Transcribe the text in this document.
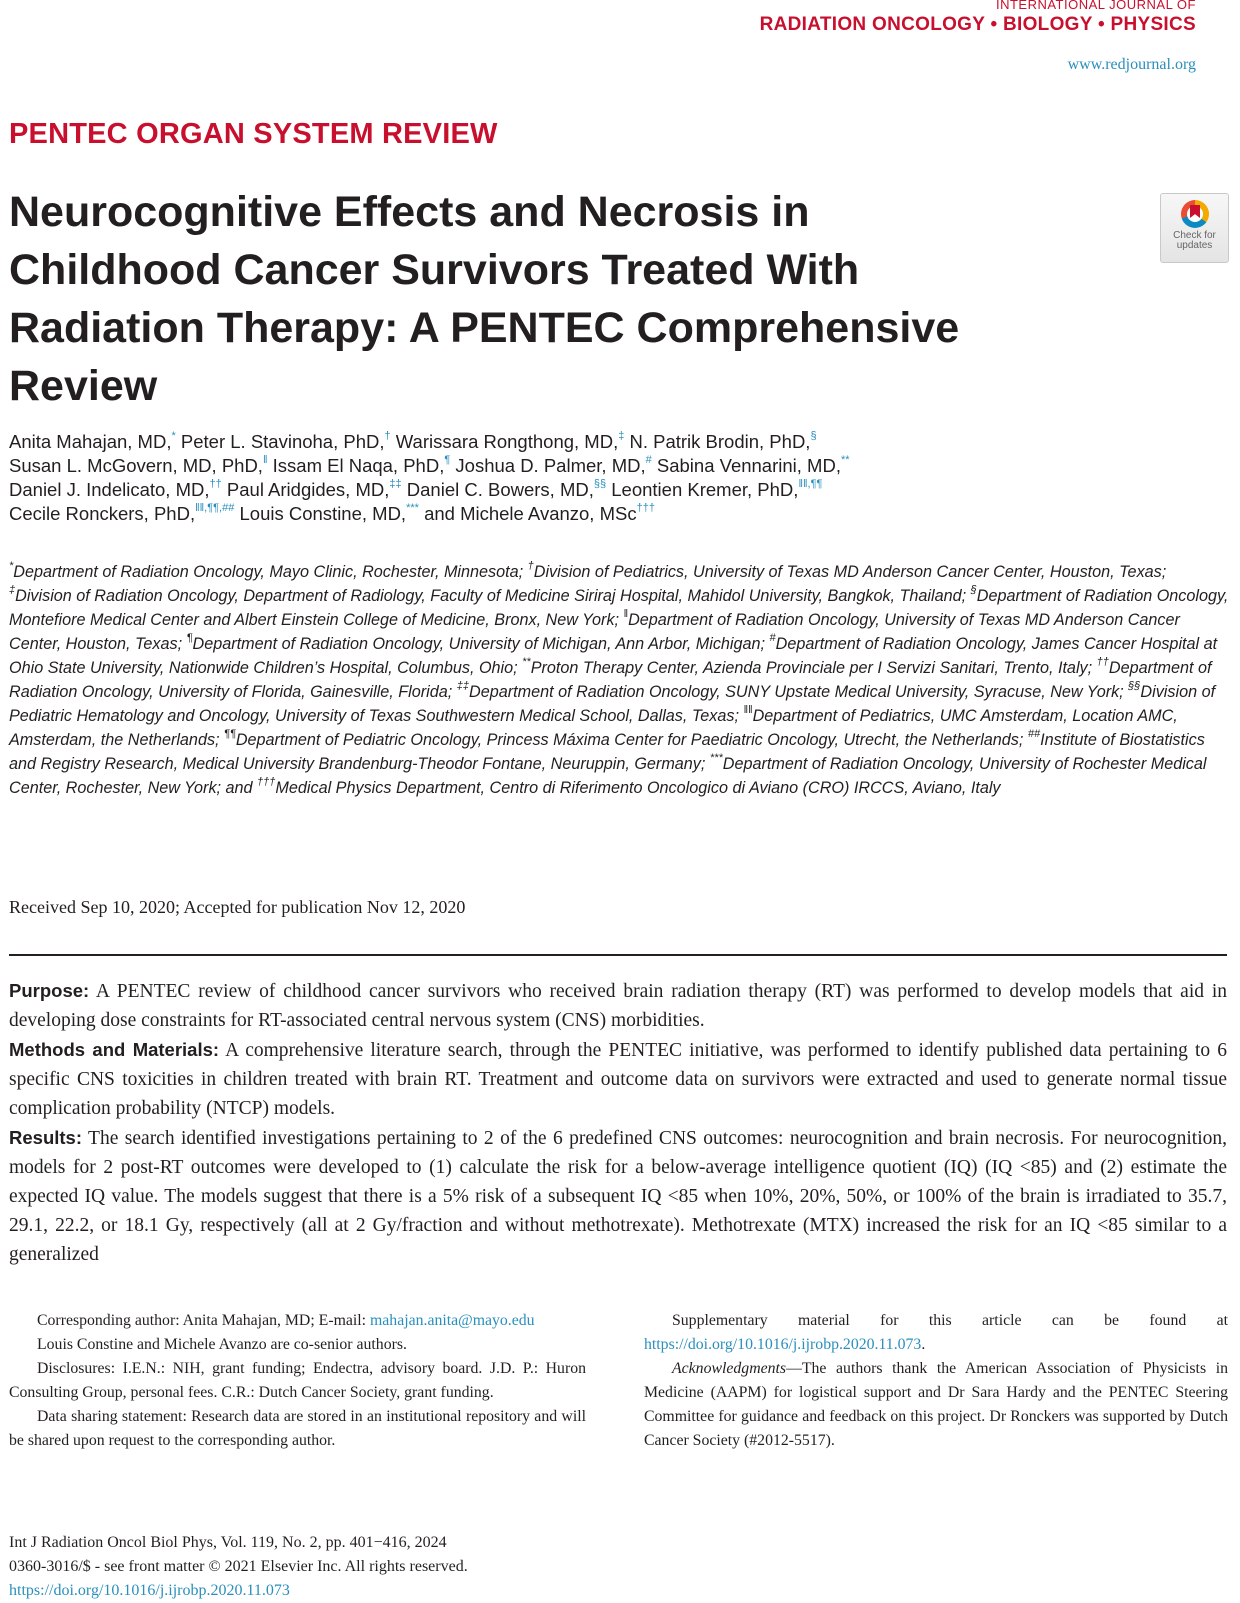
INTERNATIONAL JOURNAL OF
RADIATION ONCOLOGY • BIOLOGY • PHYSICS
www.redjournal.org
PENTEC ORGAN SYSTEM REVIEW
Neurocognitive Effects and Necrosis in Childhood Cancer Survivors Treated With Radiation Therapy: A PENTEC Comprehensive Review
Check for updates
Anita Mahajan, MD,* Peter L. Stavinoha, PhD,† Warissara Rongthong, MD,‡ N. Patrik Brodin, PhD,§
Susan L. McGovern, MD, PhD,‖ Issam El Naqa, PhD,¶ Joshua D. Palmer, MD,# Sabina Vennarini, MD,**
Daniel J. Indelicato, MD,†† Paul Aridgides, MD,‡‡ Daniel C. Bowers, MD,§§ Leontien Kremer, PhD,‖‖,¶¶
Cecile Ronckers, PhD,‖‖,¶¶,## Louis Constine, MD,*** and Michele Avanzo, MSc†††
*Department of Radiation Oncology, Mayo Clinic, Rochester, Minnesota; †Division of Pediatrics, University of Texas MD Anderson Cancer Center, Houston, Texas; ‡Division of Radiation Oncology, Department of Radiology, Faculty of Medicine Siriraj Hospital, Mahidol University, Bangkok, Thailand; §Department of Radiation Oncology, Montefiore Medical Center and Albert Einstein College of Medicine, Bronx, New York; ‖Department of Radiation Oncology, University of Texas MD Anderson Cancer Center, Houston, Texas; ¶Department of Radiation Oncology, University of Michigan, Ann Arbor, Michigan; #Department of Radiation Oncology, James Cancer Hospital at Ohio State University, Nationwide Children’s Hospital, Columbus, Ohio; **Proton Therapy Center, Azienda Provinciale per I Servizi Sanitari, Trento, Italy; ††Department of Radiation Oncology, University of Florida, Gainesville, Florida; ‡‡Department of Radiation Oncology, SUNY Upstate Medical University, Syracuse, New York; §§Division of Pediatric Hematology and Oncology, University of Texas Southwestern Medical School, Dallas, Texas; ‖‖Department of Pediatrics, UMC Amsterdam, Location AMC, Amsterdam, the Netherlands; ¶¶Department of Pediatric Oncology, Princess Máxima Center for Paediatric Oncology, Utrecht, the Netherlands; ##Institute of Biostatistics and Registry Research, Medical University Brandenburg-Theodor Fontane, Neuruppin, Germany; ***Department of Radiation Oncology, University of Rochester Medical Center, Rochester, New York; and †††Medical Physics Department, Centro di Riferimento Oncologico di Aviano (CRO) IRCCS, Aviano, Italy
Received Sep 10, 2020; Accepted for publication Nov 12, 2020

Purpose: A PENTEC review of childhood cancer survivors who received brain radiation therapy (RT) was performed to develop models that aid in developing dose constraints for RT-associated central nervous system (CNS) morbidities.

Methods and Materials: A comprehensive literature search, through the PENTEC initiative, was performed to identify published data pertaining to 6 specific CNS toxicities in children treated with brain RT. Treatment and outcome data on survivors were extracted and used to generate normal tissue complication probability (NTCP) models.

Results: The search identified investigations pertaining to 2 of the 6 predefined CNS outcomes: neurocognition and brain necrosis. For neurocognition, models for 2 post-RT outcomes were developed to (1) calculate the risk for a below-average intelligence quotient (IQ) (IQ <85) and (2) estimate the expected IQ value. The models suggest that there is a 5% risk of a subsequent IQ <85 when 10%, 20%, 50%, or 100% of the brain is irradiated to 35.7, 29.1, 22.2, or 18.1 Gy, respectively (all at 2 Gy/fraction and without methotrexate). Methotrexate (MTX) increased the risk for an IQ <85 similar to a generalized

Corresponding author: Anita Mahajan, MD; E-mail: mahajan.anita@mayo.edu

Louis Constine and Michele Avanzo are co-senior authors.

Disclosures: I.E.N.: NIH, grant funding; Endectra, advisory board. J.D. P.: Huron Consulting Group, personal fees. C.R.: Dutch Cancer Society, grant funding.

Data sharing statement: Research data are stored in an institutional repository and will be shared upon request to the corresponding author.

Supplementary material for this article can be found at https://doi.org/10.1016/j.ijrobp.2020.11.073.

Acknowledgments—The authors thank the American Association of Physicists in Medicine (AAPM) for logistical support and Dr Sara Hardy and the PENTEC Steering Committee for guidance and feedback on this project. Dr Ronckers was supported by Dutch Cancer Society (#2012-5517).

Int J Radiation Oncol Biol Phys, Vol. 119, No. 2, pp. 401−416, 2024
0360-3016/$ - see front matter © 2021 Elsevier Inc. All rights reserved.
https://doi.org/10.1016/j.ijrobp.2020.11.073
